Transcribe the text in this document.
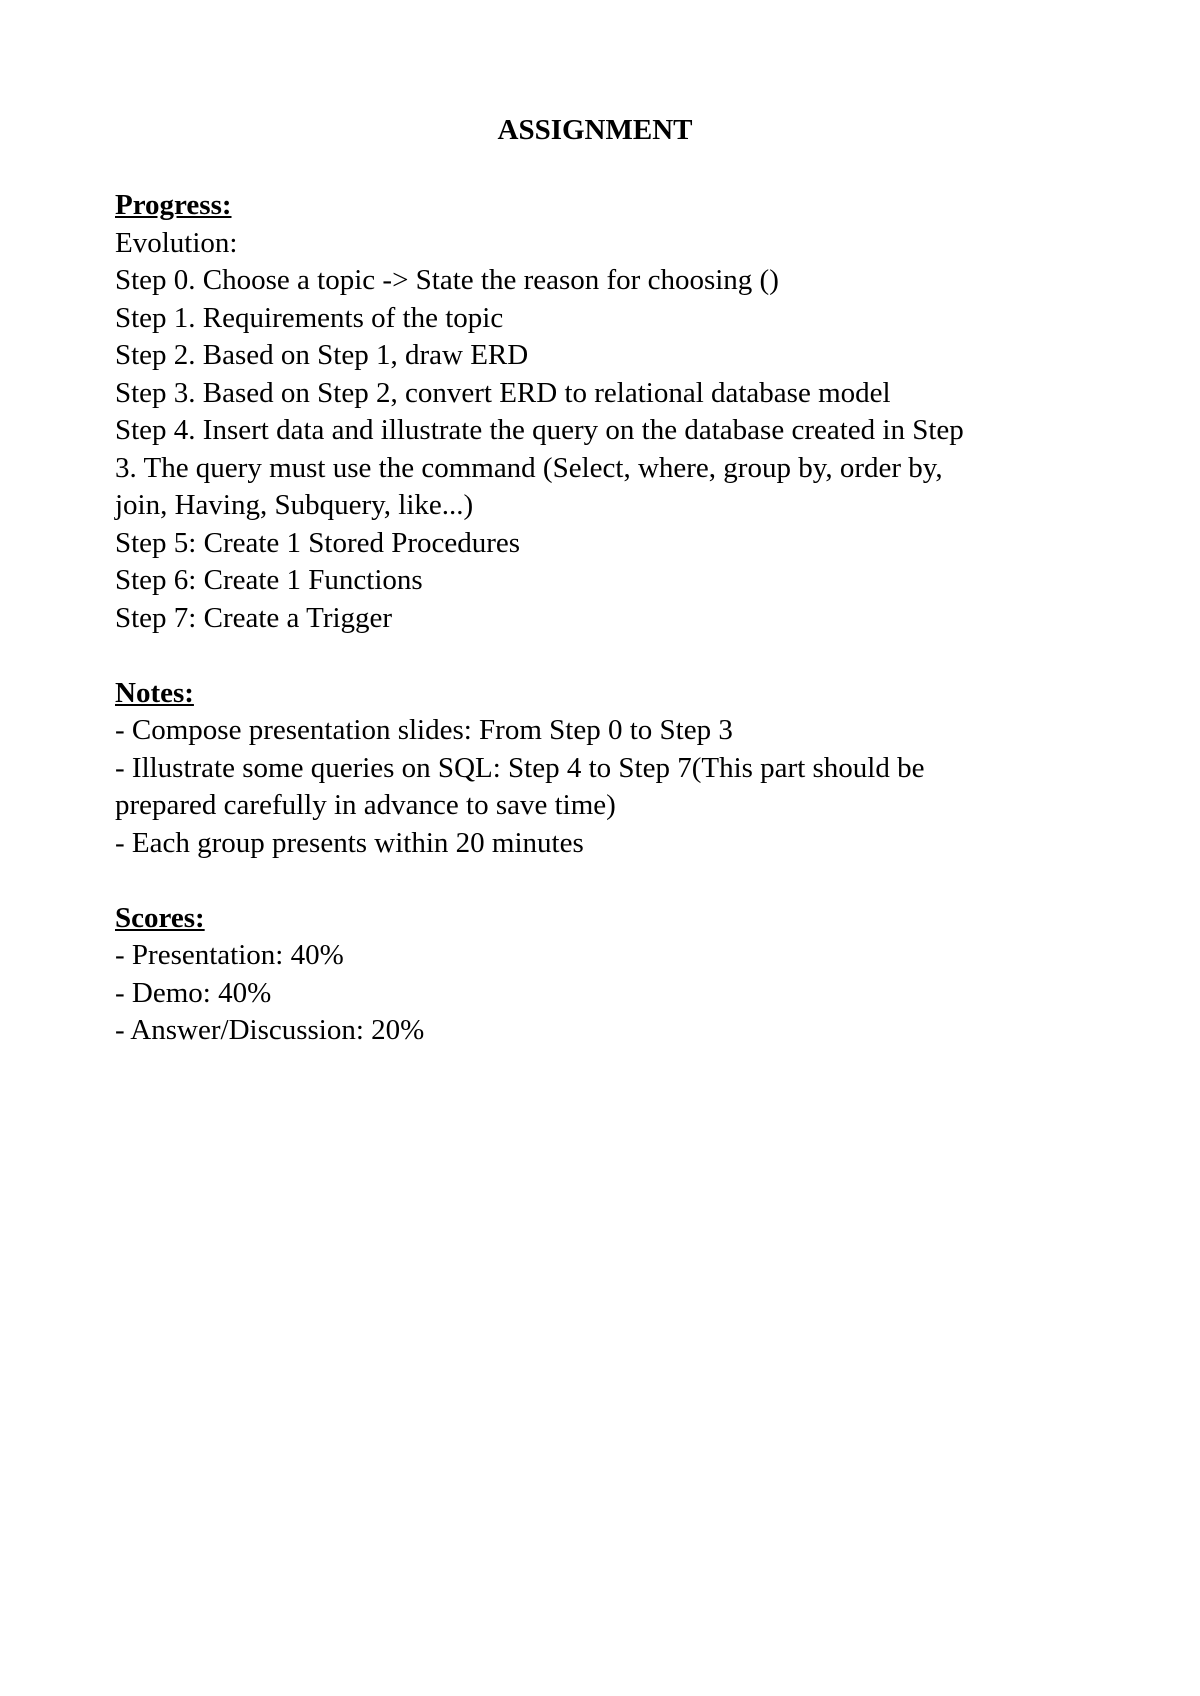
ASSIGNMENT
Progress:
Evolution:
Step 0. Choose a topic -> State the reason for choosing ()
Step 1. Requirements of the topic
Step 2. Based on Step 1, draw ERD
Step 3. Based on Step 2, convert ERD to relational database model
Step 4. Insert data and illustrate the query on the database created in Step
3. The query must use the command (Select, where, group by, order by,
join, Having, Subquery, like...)
Step 5: Create 1 Stored Procedures
Step 6: Create 1 Functions
Step 7: Create a Trigger
Notes:
- Compose presentation slides: From Step 0 to Step 3
- Illustrate some queries on SQL: Step 4 to Step 7(This part should be
prepared carefully in advance to save time)
- Each group presents within 20 minutes
Scores:
- Presentation: 40%
- Demo: 40%
- Answer/Discussion: 20%
